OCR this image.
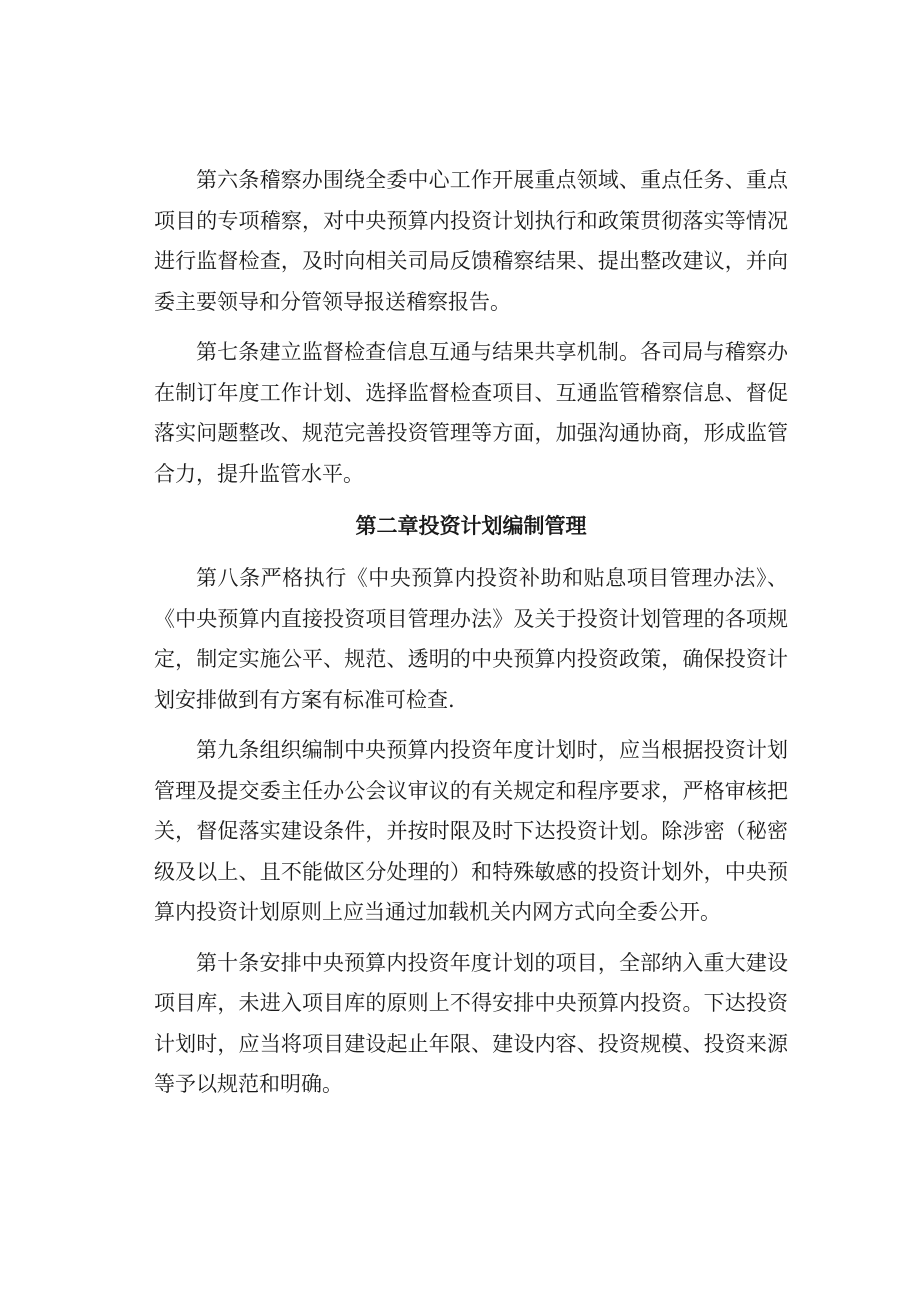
第六条稽察办围绕全委中心工作开展重点领域、重点任务、重点项目的专项稽察，对中央预算内投资计划执行和政策贯彻落实等情况进行监督检查，及时向相关司局反馈稽察结果、提出整改建议，并向委主要领导和分管领导报送稽察报告。

第七条建立监督检查信息互通与结果共享机制。各司局与稽察办在制订年度工作计划、选择监督检查项目、互通监管稽察信息、督促落实问题整改、规范完善投资管理等方面，加强沟通协商，形成监管合力，提升监管水平。

第二章投资计划编制管理

第八条严格执行《中央预算内投资补助和贴息项目管理办法》、《中央预算内直接投资项目管理办法》及关于投资计划管理的各项规定，制定实施公平、规范、透明的中央预算内投资政策，确保投资计划安排做到有方案有标准可检查.

第九条组织编制中央预算内投资年度计划时，应当根据投资计划管理及提交委主任办公会议审议的有关规定和程序要求，严格审核把关，督促落实建设条件，并按时限及时下达投资计划。除涉密（秘密级及以上、且不能做区分处理的）和特殊敏感的投资计划外，中央预算内投资计划原则上应当通过加载机关内网方式向全委公开。

第十条安排中央预算内投资年度计划的项目，全部纳入重大建设项目库，未进入项目库的原则上不得安排中央预算内投资。下达投资计划时，应当将项目建设起止年限、建设内容、投资规模、投资来源等予以规范和明确。
